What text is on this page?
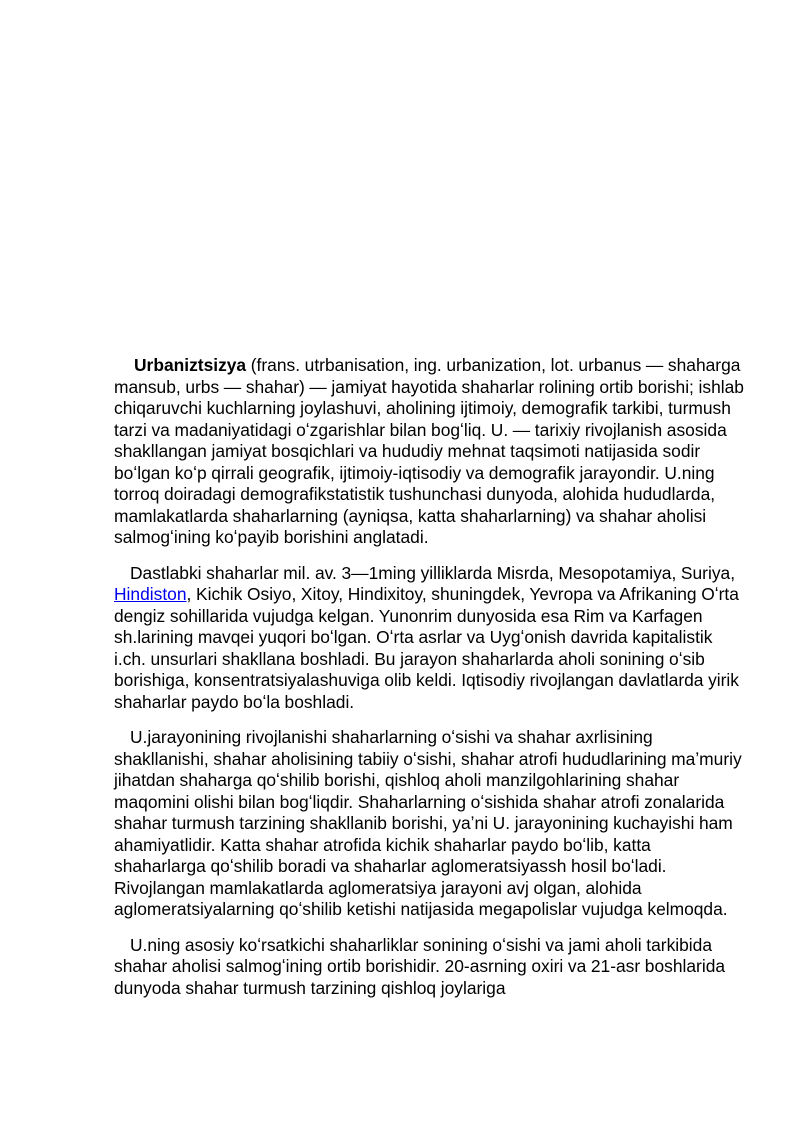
Urbaniztsizya (frans. utrbanisation, ing. urbanization, lot. urbanus — shaharga mansub, urbs — shahar) — jamiyat hayotida shaharlar rolining ortib borishi; ishlab chiqaruvchi kuchlarning joylashuvi, aholining ijtimoiy, demografik tarkibi, turmush tarzi va madaniyatidagi oʻzgarishlar bilan bogʻliq. U. — tarixiy rivojlanish asosida shakllangan jamiyat bosqichlari va hududiy mehnat taqsimoti natijasida sodir boʻlgan koʻp qirrali geografik, ijtimoiy-iqtisodiy va demografik jarayondir. U.ning torroq doiradagi demografikstatistik tushunchasi dunyoda, alohida hududlarda, mamlakatlarda shaharlarning (ayniqsa, katta shaharlarning) va shahar aholisi salmogʻining koʻpayib borishini anglatadi.

Dastlabki shaharlar mil. av. 3—1ming yilliklarda Misrda, Mesopotamiya, Suriya, Hindiston, Kichik Osiyo, Xitoy, Hindixitoy, shuningdek, Yevropa va Afrikaning Oʻrta dengiz sohillarida vujudga kelgan. Yunonrim dunyosida esa Rim va Karfagen sh.larining mavqei yuqori boʻlgan. Oʻrta asrlar va Uygʻonish davrida kapitalistik i.ch. unsurlari shakllana boshladi. Bu jarayon shaharlarda aholi sonining oʻsib borishiga, konsentratsiyalashuviga olib keldi. Iqtisodiy rivojlangan davlatlarda yirik shaharlar paydo boʻla boshladi.

U.jarayonining rivojlanishi shaharlarning oʻsishi va shahar axrlisining shakllanishi, shahar aholisining tabiiy oʻsishi, shahar atrofi hududlarining maʼmuriy jihatdan shaharga qoʻshilib borishi, qishloq aholi manzilgohlarining shahar maqomini olishi bilan bogʻliqdir. Shaharlarning oʻsishida shahar atrofi zonalarida shahar turmush tarzining shakllanib borishi, yaʼni U. jarayonining kuchayishi ham ahamiyatlidir. Katta shahar atrofida kichik shaharlar paydo boʻlib, katta shaharlarga qoʻshilib boradi va shaharlar aglomeratsiyassh hosil boʻladi. Rivojlangan mamlakatlarda aglomeratsiya jarayoni avj olgan, alohida aglomeratsiyalarning qoʻshilib ketishi natijasida megapolislar vujudga kelmoqda.

U.ning asosiy koʻrsatkichi shaharliklar sonining oʻsishi va jami aholi tarkibida shahar aholisi salmogʻining ortib borishidir. 20-asrning oxiri va 21-asr boshlarida dunyoda shahar turmush tarzining qishloq joylariga
